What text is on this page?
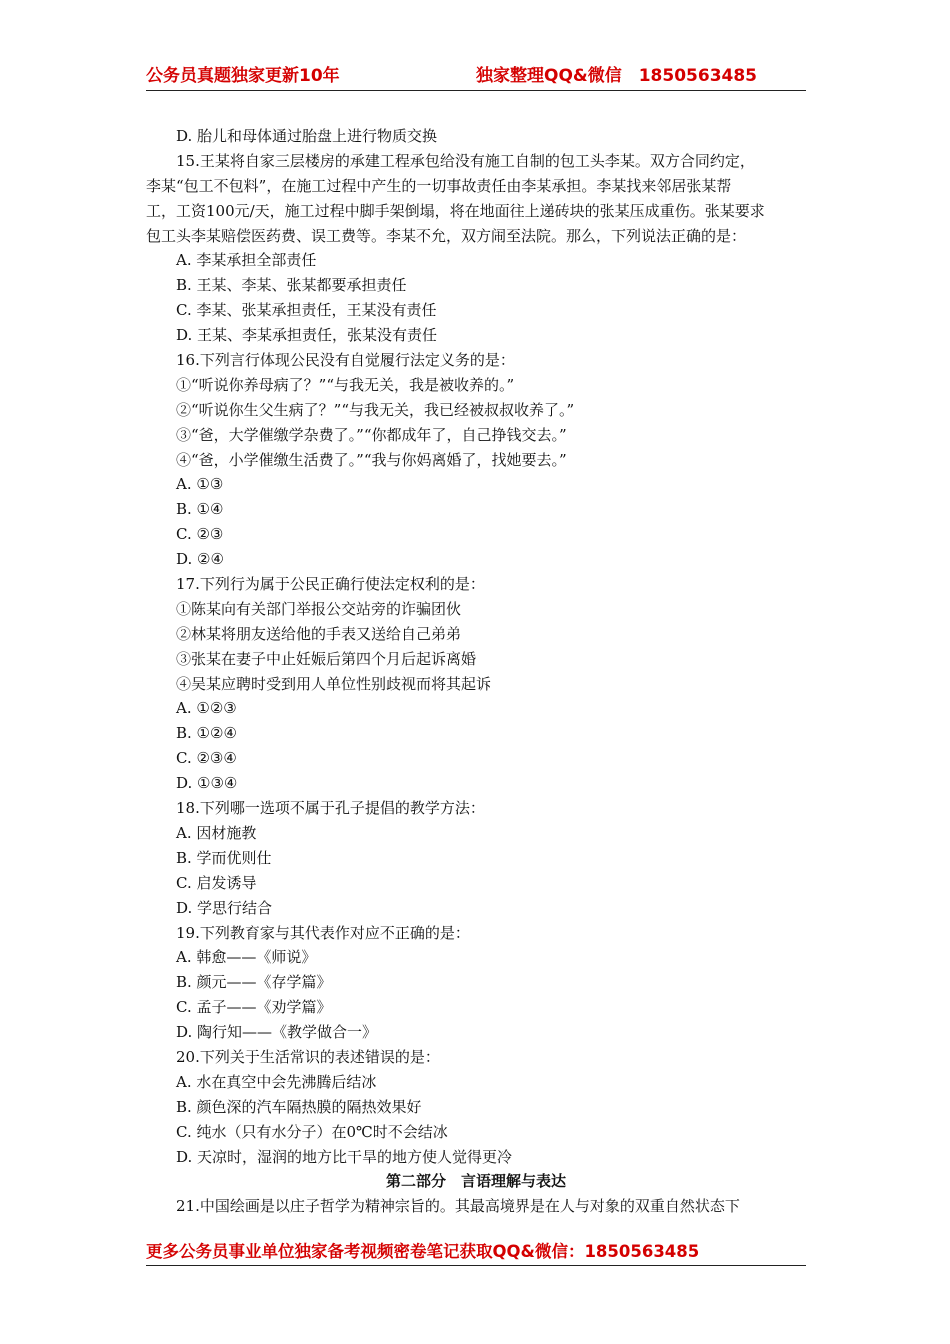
公务员真题独家更新10年	独家整理QQ&微信　1850563485
D. 胎儿和母体通过胎盘上进行物质交换
15.王某将自家三层楼房的承建工程承包给没有施工自制的包工头李某。双方合同约定，
李某“包工不包料”，在施工过程中产生的一切事故责任由李某承担。李某找来邻居张某帮
工，工资100元/天，施工过程中脚手架倒塌，将在地面往上递砖块的张某压成重伤。张某要求
包工头李某赔偿医药费、误工费等。李某不允，双方闹至法院。那么，下列说法正确的是：
A. 李某承担全部责任
B. 王某、李某、张某都要承担责任
C. 李某、张某承担责任，王某没有责任
D. 王某、李某承担责任，张某没有责任
16.下列言行体现公民没有自觉履行法定义务的是：
①“听说你养母病了？”“与我无关，我是被收养的。”
②“听说你生父生病了？”“与我无关，我已经被叔叔收养了。”
③“爸，大学催缴学杂费了。”“你都成年了，自己挣钱交去。”
④“爸，小学催缴生活费了。”“我与你妈离婚了，找她要去。”
A. ①③
B. ①④
C. ②③
D. ②④
17.下列行为属于公民正确行使法定权利的是：
①陈某向有关部门举报公交站旁的诈骗团伙
②林某将朋友送给他的手表又送给自己弟弟
③张某在妻子中止妊娠后第四个月后起诉离婚
④吴某应聘时受到用人单位性别歧视而将其起诉
A. ①②③
B. ①②④
C. ②③④
D. ①③④
18.下列哪一选项不属于孔子提倡的教学方法：
A. 因材施教
B. 学而优则仕
C. 启发诱导
D. 学思行结合
19.下列教育家与其代表作对应不正确的是：
A. 韩愈——《师说》
B. 颜元——《存学篇》
C. 孟子——《劝学篇》
D. 陶行知——《教学做合一》
20.下列关于生活常识的表述错误的是：
A. 水在真空中会先沸腾后结冰
B. 颜色深的汽车隔热膜的隔热效果好
C. 纯水（只有水分子）在0℃时不会结冰
D. 天凉时，湿润的地方比干旱的地方使人觉得更冷
第二部分　言语理解与表达
21.中国绘画是以庄子哲学为精神宗旨的。其最高境界是在人与对象的双重自然状态下
更多公务员事业单位独家备考视频密卷笔记获取QQ&微信：1850563485
